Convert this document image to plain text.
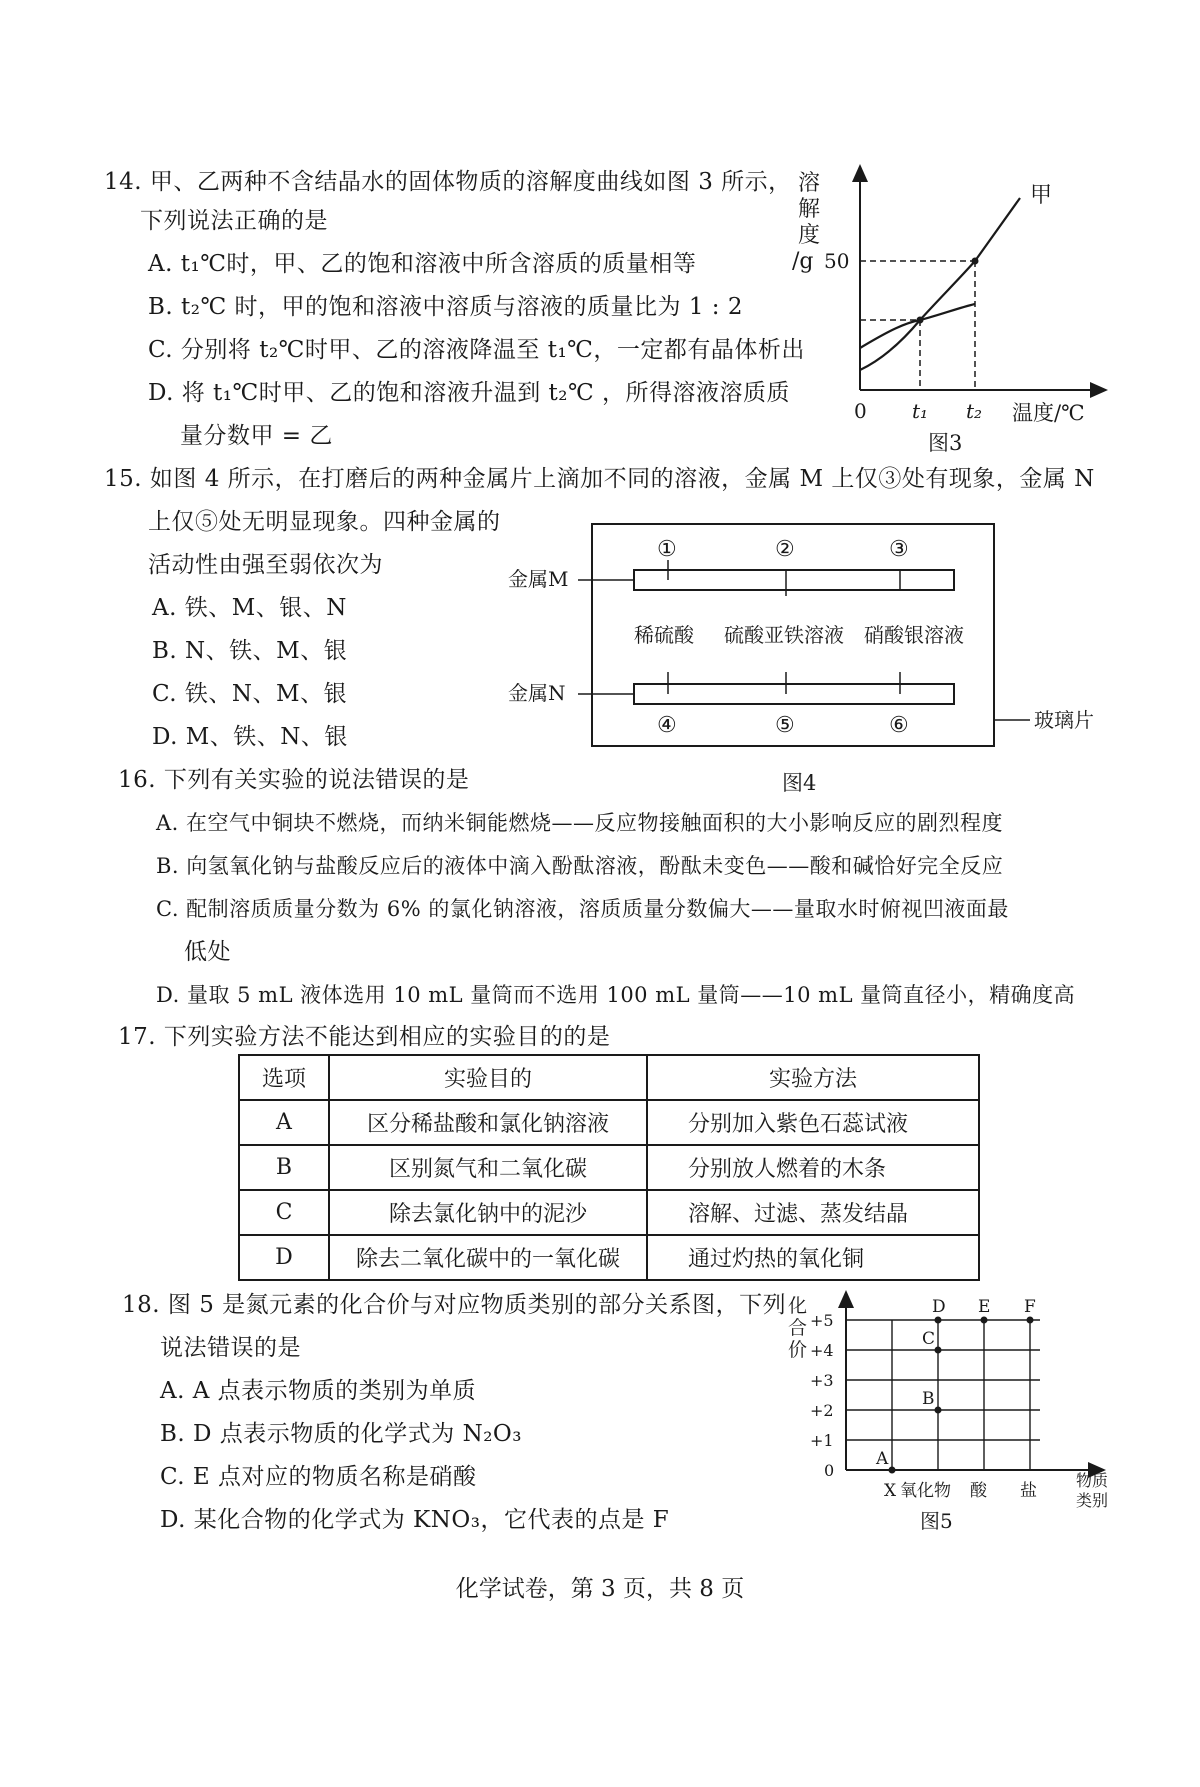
14. 甲、乙两种不含结晶水的固体物质的溶解度曲线如图 3 所示，
下列说法正确的是
A. t₁℃时，甲、乙的饱和溶液中所含溶质的质量相等
B. t₂℃ 时，甲的饱和溶液中溶质与溶液的质量比为 1 : 2
C. 分别将 t₂℃时甲、乙的溶液降温至 t₁℃，一定都有晶体析出
D. 将 t₁℃时甲、乙的饱和溶液升温到 t₂℃ ，所得溶液溶质质
量分数甲 = 乙
溶
解
度
/g 50
甲
0 t₁ t₂ 温度/℃
图3
15. 如图 4 所示，在打磨后的两种金属片上滴加不同的溶液，金属 M 上仅③处有现象，金属 N
上仅⑤处无明显现象。四种金属的
活动性由强至弱依次为
A. 铁、M、银、N
B. N、铁、M、银
C. 铁、N、M、银
D. M、铁、N、银
金属M
①	②	③
稀硫酸 硫酸亚铁溶液 硝酸银溶液
金属N
④	⑤	⑥	玻璃片
图4
16. 下列有关实验的说法错误的是
A. 在空气中铜块不燃烧，而纳米铜能燃烧——反应物接触面积的大小影响反应的剧烈程度
B. 向氢氧化钠与盐酸反应后的液体中滴入酚酞溶液，酚酞未变色——酸和碱恰好完全反应
C. 配制溶质质量分数为 6% 的氯化钠溶液，溶质质量分数偏大——量取水时俯视凹液面最
低处
D. 量取 5 mL 液体选用 10 mL 量筒而不选用 100 mL 量筒——10 mL 量筒直径小，精确度高
17. 下列实验方法不能达到相应的实验目的的是
选项	实验目的	实验方法
A	区分稀盐酸和氯化钠溶液	分别加入紫色石蕊试液
B	区别氮气和二氧化碳	分别放人燃着的木条
C	除去氯化钠中的泥沙	溶解、过滤、蒸发结晶
D	除去二氧化碳中的一氧化碳	通过灼热的氧化铜
18. 图 5 是氮元素的化合价与对应物质类别的部分关系图，下列
说法错误的是
A. A 点表示物质的类别为单质
B. D 点表示物质的化学式为 N₂O₃
C. E 点对应的物质名称是硝酸
D. 某化合物的化学式为 KNO₃，它代表的点是 F
化
合
价
+5
+4
+3
+2
+1
0
A
B
C
D E F
X 氧化物 酸 盐
物质
类别
图5
化学试卷，第 3 页，共 8 页
